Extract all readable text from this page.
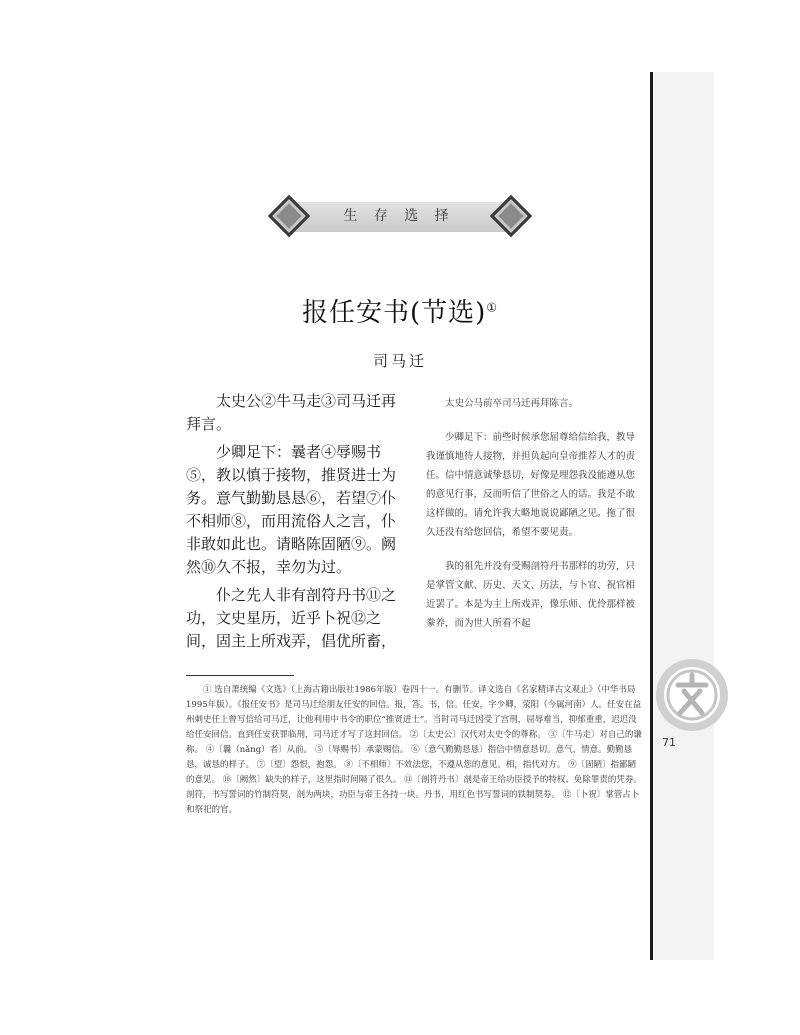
生 存 选 择
报任安书(节选)①
司马迁

太史公②牛马走③司马迁再拜言。

少卿足下：曩者④辱赐书⑤，教以慎于接物，推贤进士为务。意气勤勤恳恳⑥，若望⑦仆不相师⑧，而用流俗人之言，仆非敢如此也。请略陈固陋⑨。阙然⑩久不报，幸勿为过。

仆之先人非有剖符丹书⑪之功，文史星历，近乎卜祝⑫之间，固主上所戏弄，倡优所畜，

太史公马前卒司马迁再拜陈言。

少卿足下：前些时候承您屈尊给信给我，教导我谨慎地待人接物，并担负起向皇帝推荐人才的责任。信中情意诚挚恳切，好像是埋怨我没能遵从您的意见行事，反而听信了世俗之人的话。我是不敢这样做的。请允许我大略地说说鄙陋之见。拖了很久还没有给您回信，希望不要见责。

我的祖先并没有受赐剖符丹书那样的功劳，只是掌管文献、历史、天文、历法，与卜官、祝官相近罢了。本是为主上所戏弄，像乐师、优伶那样被豢养，而为世人所看不起

① 选自萧统编《文选》（上海古籍出版社1986年版）卷四十一。有删节。译文选自《名家精译古文观止》（中华书局1995年版）。《报任安书》是司马迁给朋友任安的回信。报，答。书，信。任安，字少卿，荥阳（今属河南）人。任安在益州刺史任上曾写信给司马迁，让他利用中书令的职位“推贤进士”。当时司马迁因受了宫刑，屈辱难当，抑郁重重，迟迟没给任安回信。直到任安获罪临刑，司马迁才写了这封回信。 ②〔太史公〕汉代对太史令的尊称。 ③〔牛马走〕对自己的谦称。 ④〔曩（nǎng）者〕从前。 ⑤〔辱赐书〕承蒙赐信。 ⑥〔意气勤勤恳恳〕指信中情意恳切。意气，情意。勤勤恳恳，诚恳的样子。 ⑦〔望〕怨恨，抱怨。 ⑧〔不相师〕不效法您，不遵从您的意见。相，指代对方。 ⑨〔固陋〕指鄙陋的意见。 ⑩〔阙然〕缺失的样子，这里指时间隔了很久。 ⑪〔剖符丹书〕剖是帝王给功臣授予的特权、免除罪责的凭券。剖符，书写誓词的竹制符契，剖为两块，功臣与帝王各持一块。丹书，用红色书写誓词的铁制契券。 ⑫〔卜祝〕掌管占卜和祭祀的官。

71
